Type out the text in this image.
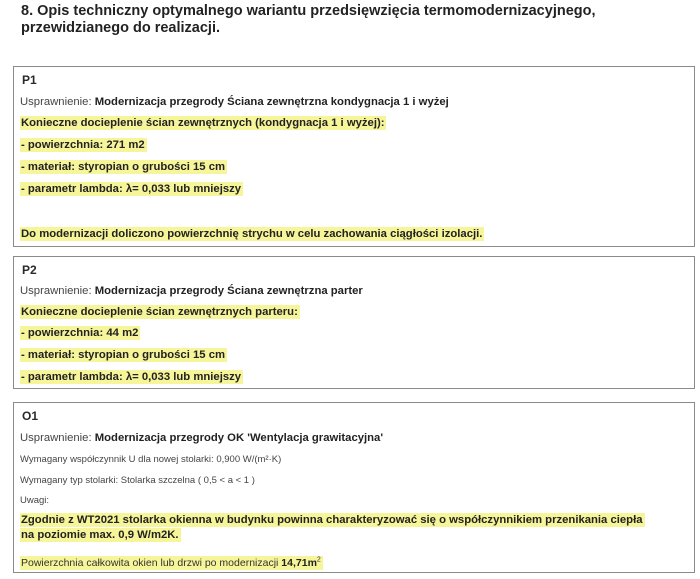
8. Opis techniczny optymalnego wariantu przedsięwzięcia termomodernizacyjnego,
przewidzianego do realizacji.
P1
Usprawnienie: Modernizacja przegrody Ściana zewnętrzna kondygnacja 1 i wyżej
Konieczne docieplenie ścian zewnętrznych (kondygnacja 1 i wyżej):
- powierzchnia: 271 m2
- materiał: styropian o grubości 15 cm
- parametr lambda: λ= 0,033 lub mniejszy
Do modernizacji doliczono powierzchnię strychu w celu zachowania ciągłości izolacji.
P2
Usprawnienie: Modernizacja przegrody Ściana zewnętrzna parter
Konieczne docieplenie ścian zewnętrznych parteru:
- powierzchnia: 44 m2
- materiał: styropian o grubości 15 cm
- parametr lambda: λ= 0,033 lub mniejszy
O1
Usprawnienie: Modernizacja przegrody OK 'Wentylacja grawitacyjna'
Wymagany współczynnik U dla nowej stolarki: 0,900 W/(m²·K)
Wymagany typ stolarki: Stolarka szczelna ( 0,5 < a < 1 )
Uwagi:
Zgodnie z WT2021 stolarka okienna w budynku powinna charakteryzować się o współczynnikiem przenikania ciepła
na poziomie max. 0,9 W/m2K.
Powierzchnia całkowita okien lub drzwi po modernizacji $14,71m^2$
